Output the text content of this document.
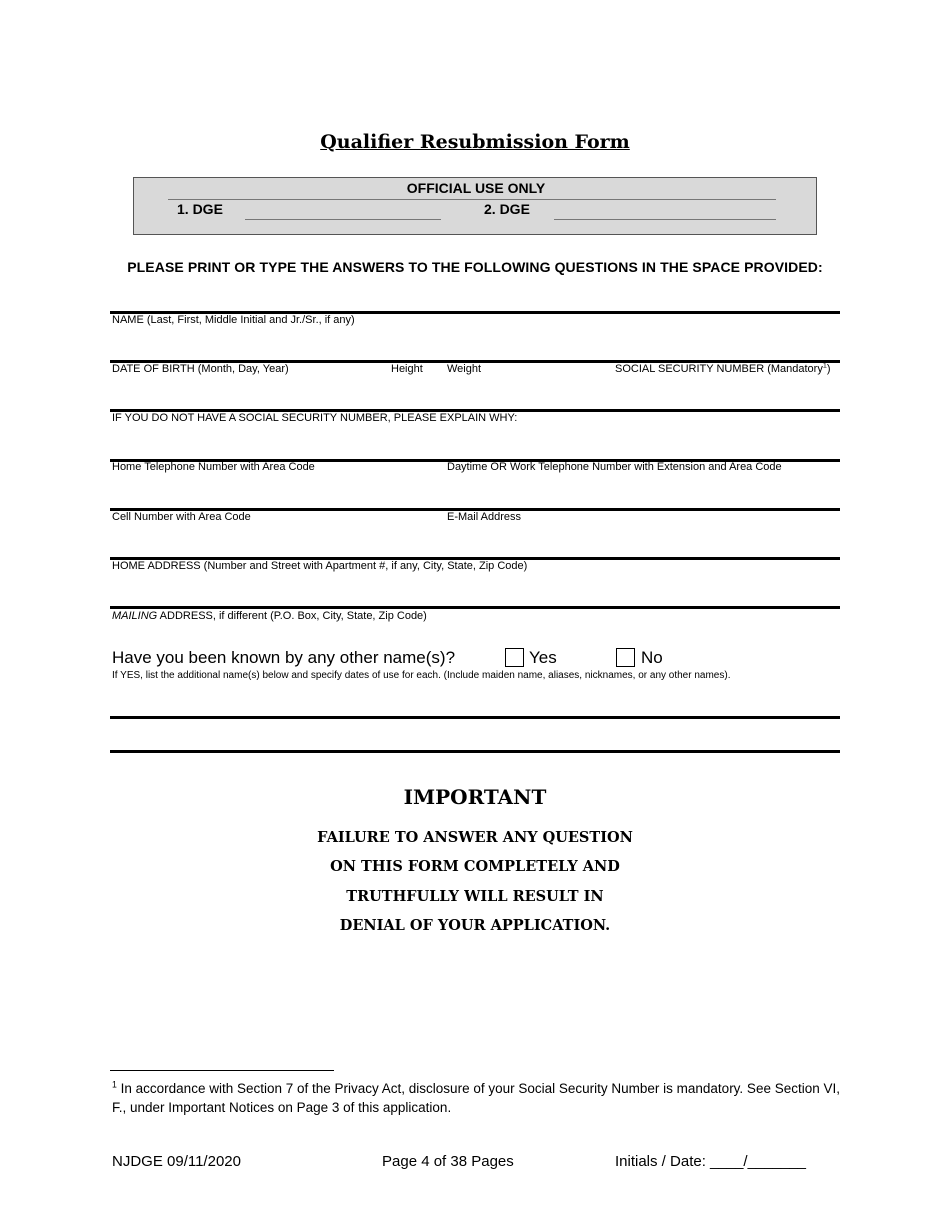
Qualifier Resubmission Form
OFFICIAL USE ONLY
1. DGE	2. DGE
PLEASE PRINT OR TYPE THE ANSWERS TO THE FOLLOWING QUESTIONS IN THE SPACE PROVIDED:
NAME (Last, First, Middle Initial and Jr./Sr., if any)
DATE OF BIRTH (Month, Day, Year)	Height Weight	SOCIAL SECURITY NUMBER (Mandatory$^1$)
IF YOU DO NOT HAVE A SOCIAL SECURITY NUMBER, PLEASE EXPLAIN WHY:
Home Telephone Number with Area Code	Daytime OR Work Telephone Number with Extension and Area Code
Cell Number with Area Code	E-Mail Address
HOME ADDRESS (Number and Street with Apartment #, if any, City, State, Zip Code)
MAILING ADDRESS, if different (P.O. Box, City, State, Zip Code)
Have you been known by any other name(s)?	Yes	No
If YES, list the additional name(s) below and specify dates of use for each. (Include maiden name, aliases, nicknames, or any other names).
IMPORTANT
FAILURE TO ANSWER ANY QUESTION
ON THIS FORM COMPLETELY AND
TRUTHFULLY WILL RESULT IN
DENIAL OF YOUR APPLICATION.
$^1$ In accordance with Section 7 of the Privacy Act, disclosure of your Social Security Number is mandatory. See Section VI, F., under Important Notices on Page 3 of this application.
NJDGE 09/11/2020	Page 4 of 38 Pages	Initials / Date: ____/_______
